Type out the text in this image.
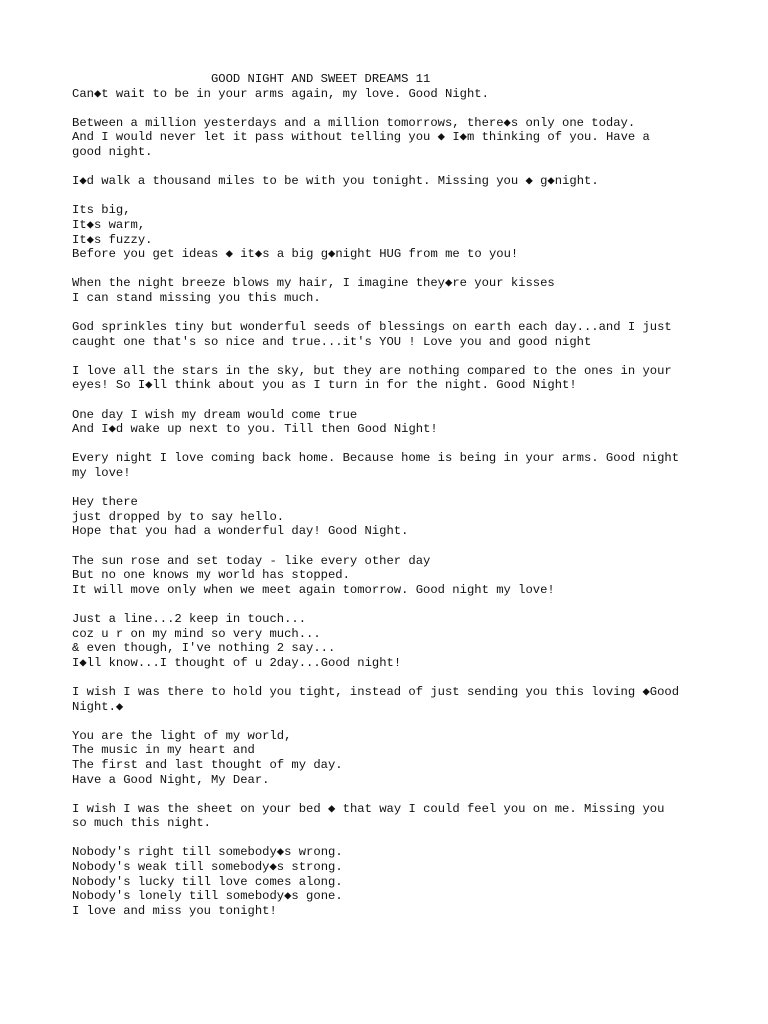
GOOD NIGHT AND SWEET DREAMS 11
Can◆t wait to be in your arms again, my love. Good Night.
Between a million yesterdays and a million tomorrows, there◆s only one today.
And I would never let it pass without telling you ◆ I◆m thinking of you. Have a
good night.
I◆d walk a thousand miles to be with you tonight. Missing you ◆ g◆night.
Its big,
It◆s warm,
It◆s fuzzy.
Before you get ideas ◆ it◆s a big g◆night HUG from me to you!
When the night breeze blows my hair, I imagine they◆re your kisses
I can stand missing you this much.
God sprinkles tiny but wonderful seeds of blessings on earth each day...and I just
caught one that's so nice and true...it's YOU ! Love you and good night
I love all the stars in the sky, but they are nothing compared to the ones in your
eyes! So I◆ll think about you as I turn in for the night. Good Night!
One day I wish my dream would come true
And I◆d wake up next to you. Till then Good Night!
Every night I love coming back home. Because home is being in your arms. Good night
my love!
Hey there
just dropped by to say hello.
Hope that you had a wonderful day! Good Night.
The sun rose and set today - like every other day
But no one knows my world has stopped.
It will move only when we meet again tomorrow. Good night my love!
Just a line...2 keep in touch...
coz u r on my mind so very much...
& even though, I've nothing 2 say...
I◆ll know...I thought of u 2day...Good night!
I wish I was there to hold you tight, instead of just sending you this loving ◆Good
Night.◆
You are the light of my world,
The music in my heart and
The first and last thought of my day.
Have a Good Night, My Dear.
I wish I was the sheet on your bed ◆ that way I could feel you on me. Missing you
so much this night.
Nobody's right till somebody◆s wrong.
Nobody's weak till somebody◆s strong.
Nobody's lucky till love comes along.
Nobody's lonely till somebody◆s gone.
I love and miss you tonight!
